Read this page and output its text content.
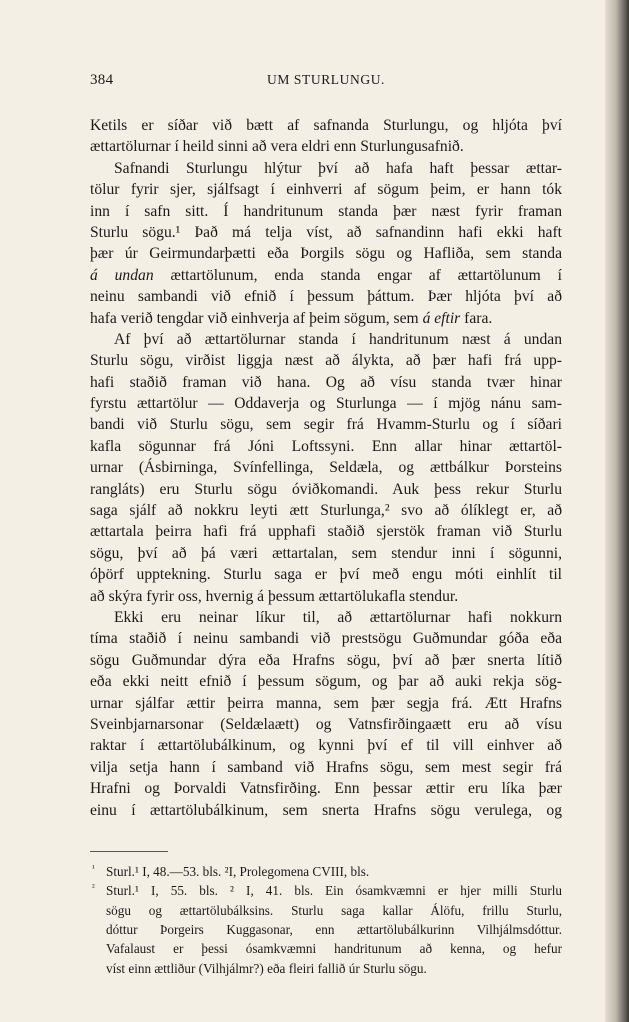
384	UM STURLUNGU.
Ketils er síðar við bætt af safnanda Sturlungu, og hljóta því
ættartölurnar í heild sinni að vera eldri enn Sturlungusafnið.
Safnandi Sturlungu hlýtur því að hafa haft þessar ættar-
tölur fyrir sjer, sjálfsagt í einhverri af sögum þeim, er hann tók
inn í safn sitt. Í handritunum standa þær næst fyrir framan
Sturlu sögu.¹ Það má telja víst, að safnandinn hafi ekki haft
þær úr Geirmundarþætti eða Þorgils sögu og Hafliða, sem standa
á undan ættartölunum, enda standa engar af ættartölunum í
neinu sambandi við efnið í þessum þáttum. Þær hljóta því að
hafa verið tengdar við einhverja af þeim sögum, sem á eftir fara.
Af því að ættartölurnar standa í handritunum næst á undan
Sturlu sögu, virðist liggja næst að álykta, að þær hafi frá upp-
hafi staðið framan við hana. Og að vísu standa tvær hinar
fyrstu ættartölur — Oddaverja og Sturlunga — í mjög nánu sam-
bandi við Sturlu sögu, sem segir frá Hvamm-Sturlu og í síðari
kafla sögunnar frá Jóni Loftssyni. Enn allar hinar ættartöl-
urnar (Ásbirninga, Svínfellinga, Seldæla, og ættbálkur Þorsteins
rangláts) eru Sturlu sögu óviðkomandi. Auk þess rekur Sturlu
saga sjálf að nokkru leyti ætt Sturlunga,² svo að ólíklegt er, að
ættartala þeirra hafi frá upphafi staðið sjerstök framan við Sturlu
sögu, því að þá væri ættartalan, sem stendur inni í sögunni,
óþörf upptekning. Sturlu saga er því með engu móti einhlít til
að skýra fyrir oss, hvernig á þessum ættartölukafla stendur.
Ekki eru neinar líkur til, að ættartölurnar hafi nokkurn
tíma staðið í neinu sambandi við prestsögu Guðmundar góða eða
sögu Guðmundar dýra eða Hrafns sögu, því að þær snerta lítið
eða ekki neitt efnið í þessum sögum, og þar að auki rekja sög-
urnar sjálfar ættir þeirra manna, sem þær segja frá. Ætt Hrafns
Sveinbjarnarsonar (Seldælaætt) og Vatnsfirðingaætt eru að vísu
raktar í ættartölubálkinum, og kynni því ef til vill einhver að
vilja setja hann í samband við Hrafns sögu, sem mest segir frá
Hrafni og Þorvaldi Vatnsfirðing. Enn þessar ættir eru líka þær
einu í ættartölubálkinum, sem snerta Hrafns sögu verulega, og
¹ Sturl.¹ I, 48.—53. bls. ²I, Prolegomena CVIII, bls.
² Sturl.¹ I, 55. bls. ² I, 41. bls. Ein ósamkvæmni er hjer milli Sturlu
sögu og ættartölubálksins. Sturlu saga kallar Álöfu, frillu Sturlu,
dóttur Þorgeirs Kuggasonar, enn ættartölubálkurinn Vilhjálmsdóttur.
Vafalaust er þessi ósamkvæmni handritunum að kenna, og hefur
víst einn ættliður (Vilhjálmr?) eða fleiri fallið úr Sturlu sögu.
